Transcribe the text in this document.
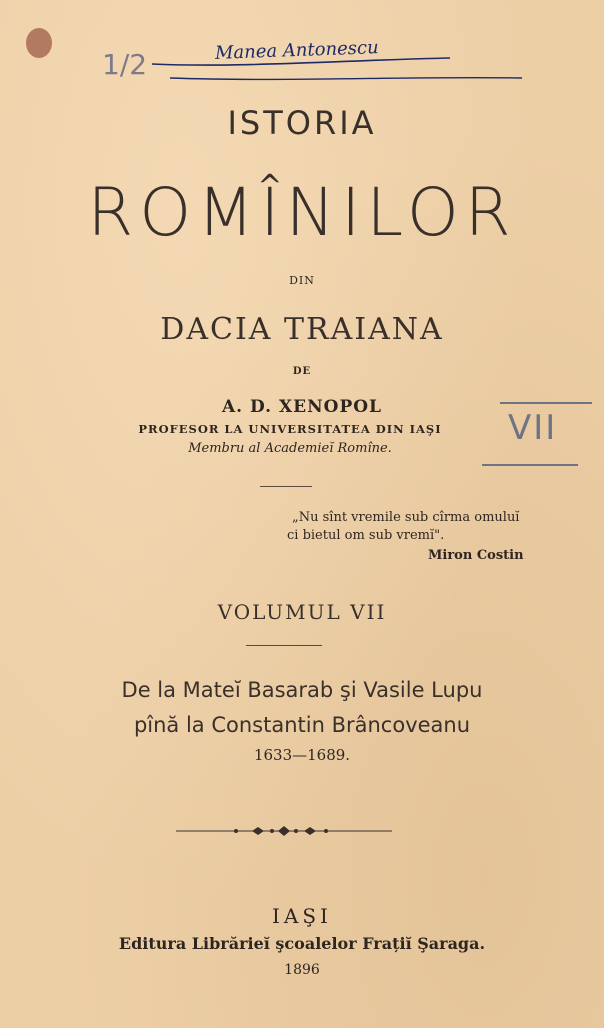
1/2	Manea Antonescu
ISTORIA
ROMÎNILOR
DIN
DACIA TRAIANA
DE
A. D. XENOPOL
PROFESOR LA UNIVERSITATEA DIN IAŞI
Membru al Academieĭ Romîne.
VII
„Nu sînt vremile sub cîrma omuluĭ
ci bietul om sub vremĭ".
Miron Costin
VOLUMUL VII
De la Mateĭ Basarab şi Vasile Lupu
pînă la Constantin Brâncoveanu
1633—1689.
IAŞI
Editura Librărieĭ şcoalelor Frațiĭ Şaraga.
1896
